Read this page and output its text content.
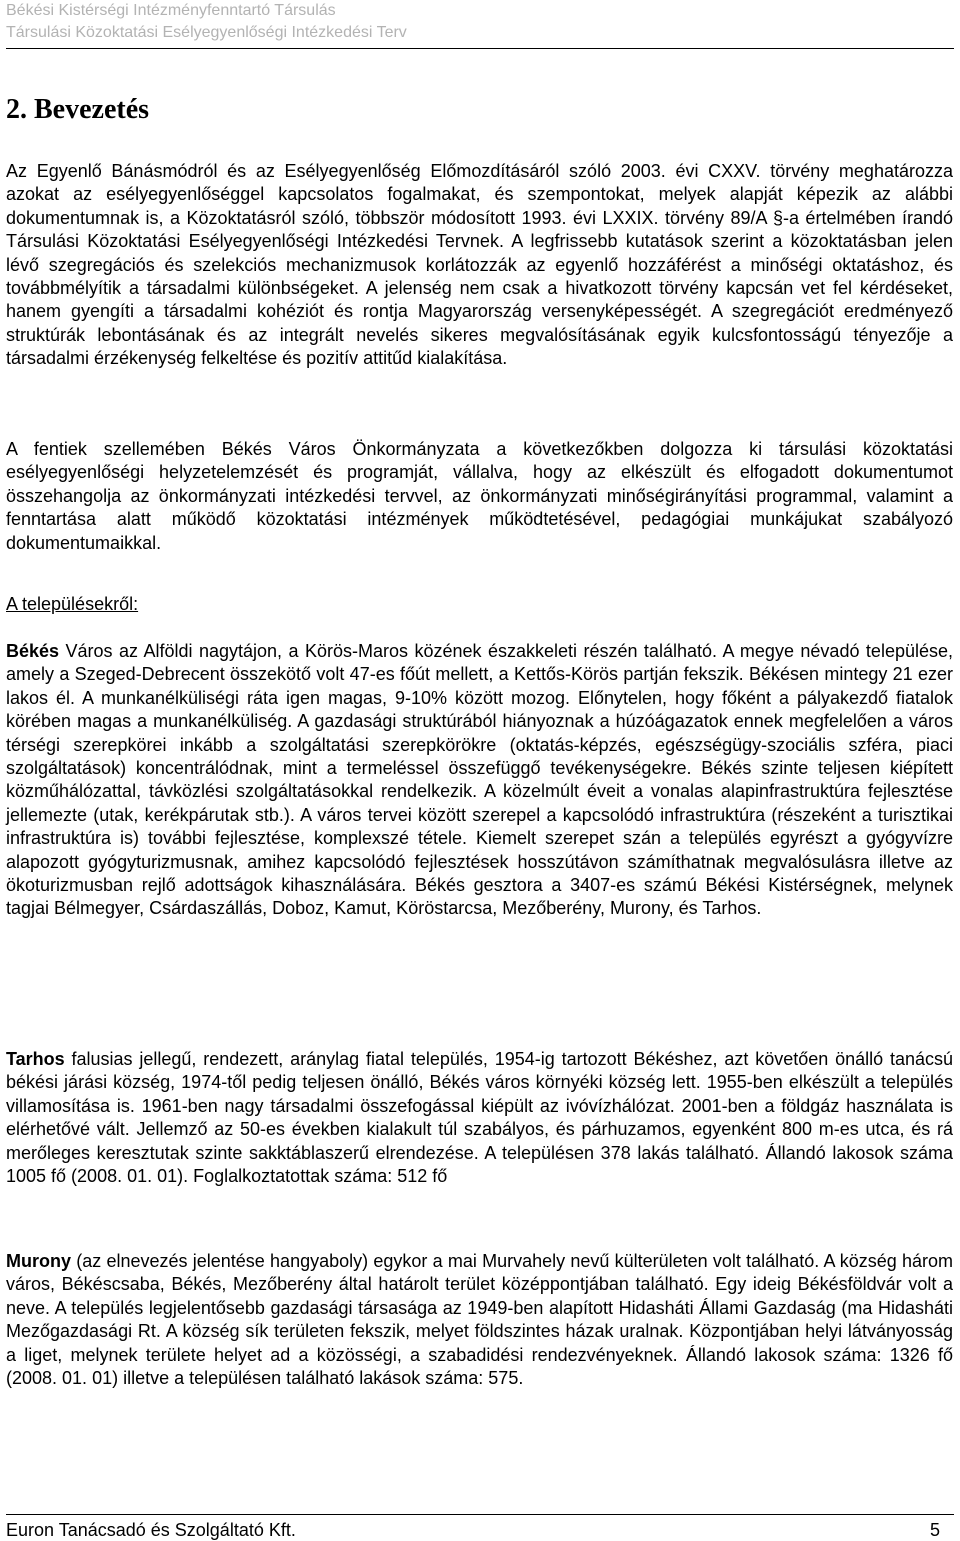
Békési Kistérségi Intézményfenntartó Társulás
Társulási Közoktatási Esélyegyenlőségi Intézkedési Terv
2. Bevezetés

Az Egyenlő Bánásmódról és az Esélyegyenlőség Előmozdításáról szóló 2003. évi CXXV. törvény meghatározza azokat az esélyegyenlőséggel kapcsolatos fogalmakat, és szempontokat, melyek alapját képezik az alábbi dokumentumnak is, a Közoktatásról szóló, többször módosított 1993. évi LXXIX. törvény 89/A §-a értelmében írandó Társulási Közoktatási Esélyegyenlőségi Intézkedési Tervnek. A legfrissebb kutatások szerint a közoktatásban jelen lévő szegregációs és szelekciós mechanizmusok korlátozzák az egyenlő hozzáférést a minőségi oktatáshoz, és továbbmélyítik a társadalmi különbségeket. A jelenség nem csak a hivatkozott törvény kapcsán vet fel kérdéseket, hanem gyengíti a társadalmi kohéziót és rontja Magyarország versenyképességét. A szegregációt eredményező struktúrák lebontásának és az integrált nevelés sikeres megvalósításának egyik kulcsfontosságú tényezője a társadalmi érzékenység felkeltése és pozitív attitűd kialakítása.

A fentiek szellemében Békés Város Önkormányzata a következőkben dolgozza ki társulási közoktatási esélyegyenlőségi helyzetelemzését és programját, vállalva, hogy az elkészült és elfogadott dokumentumot összehangolja az önkormányzati intézkedési tervvel, az önkormányzati minőségirányítási programmal, valamint a fenntartása alatt működő közoktatási intézmények működtetésével, pedagógiai munkájukat szabályozó dokumentumaikkal.

A településekről:

Békés Város az Alföldi nagytájon, a Körös-Maros közének északkeleti részén található. A megye névadó települése, amely a Szeged-Debrecent összekötő volt 47-es főút mellett, a Kettős-Körös partján fekszik. Békésen mintegy 21 ezer lakos él. A munkanélküliségi ráta igen magas, 9-10% között mozog. Előnytelen, hogy főként a pályakezdő fiatalok körében magas a munkanélküliség. A gazdasági struktúrából hiányoznak a húzóágazatok ennek megfelelően a város térségi szerepkörei inkább a szolgáltatási szerepkörökre (oktatás-képzés, egészségügy-szociális szféra, piaci szolgáltatások) koncentrálódnak, mint a termeléssel összefüggő tevékenységekre. Békés szinte teljesen kiépített közműhálózattal, távközlési szolgáltatásokkal rendelkezik. A közelmúlt éveit a vonalas alapinfrastruktúra fejlesztése jellemezte (utak, kerékpárutak stb.). A város tervei között szerepel a kapcsolódó infrastruktúra (részeként a turisztikai infrastruktúra is) további fejlesztése, komplexszé tétele. Kiemelt szerepet szán a település egyrészt a gyógyvízre alapozott gyógyturizmusnak, amihez kapcsolódó fejlesztések hosszútávon számíthatnak megvalósulásra illetve az ökoturizmusban rejlő adottságok kihasználására. Békés gesztora a 3407-es számú Békési Kistérségnek, melynek tagjai Bélmegyer, Csárdaszállás, Doboz, Kamut, Köröstarcsa, Mezőberény, Murony, és Tarhos.

Tarhos falusias jellegű, rendezett, aránylag fiatal település, 1954-ig tartozott Békéshez, azt követően önálló tanácsú békési járási község, 1974-től pedig teljesen önálló, Békés város környéki község lett. 1955-ben elkészült a település villamosítása is. 1961-ben nagy társadalmi összefogással kiépült az ivóvízhálózat. 2001-ben a földgáz használata is elérhetővé vált. Jellemző az 50-es években kialakult túl szabályos, és párhuzamos, egyenként 800 m-es utca, és rá merőleges keresztutak szinte sakktáblaszerű elrendezése. A településen 378 lakás található. Állandó lakosok száma 1005 fő (2008. 01. 01). Foglalkoztatottak száma: 512 fő

Murony (az elnevezés jelentése hangyaboly) egykor a mai Murvahely nevű külterületen volt található. A község három város, Békéscsaba, Békés, Mezőberény által határolt terület középpontjában található. Egy ideig Békésföldvár volt a neve. A település legjelentősebb gazdasági társasága az 1949-ben alapított Hidasháti Állami Gazdaság (ma Hidasháti Mezőgazdasági Rt. A község sík területen fekszik, melyet földszintes házak uralnak. Központjában helyi látványosság a liget, melynek területe helyet ad a közösségi, a szabadidési rendezvényeknek. Állandó lakosok száma: 1326 fő (2008. 01. 01) illetve a településen található lakások száma: 575.

Euron Tanácsadó és Szolgáltató Kft.	5
